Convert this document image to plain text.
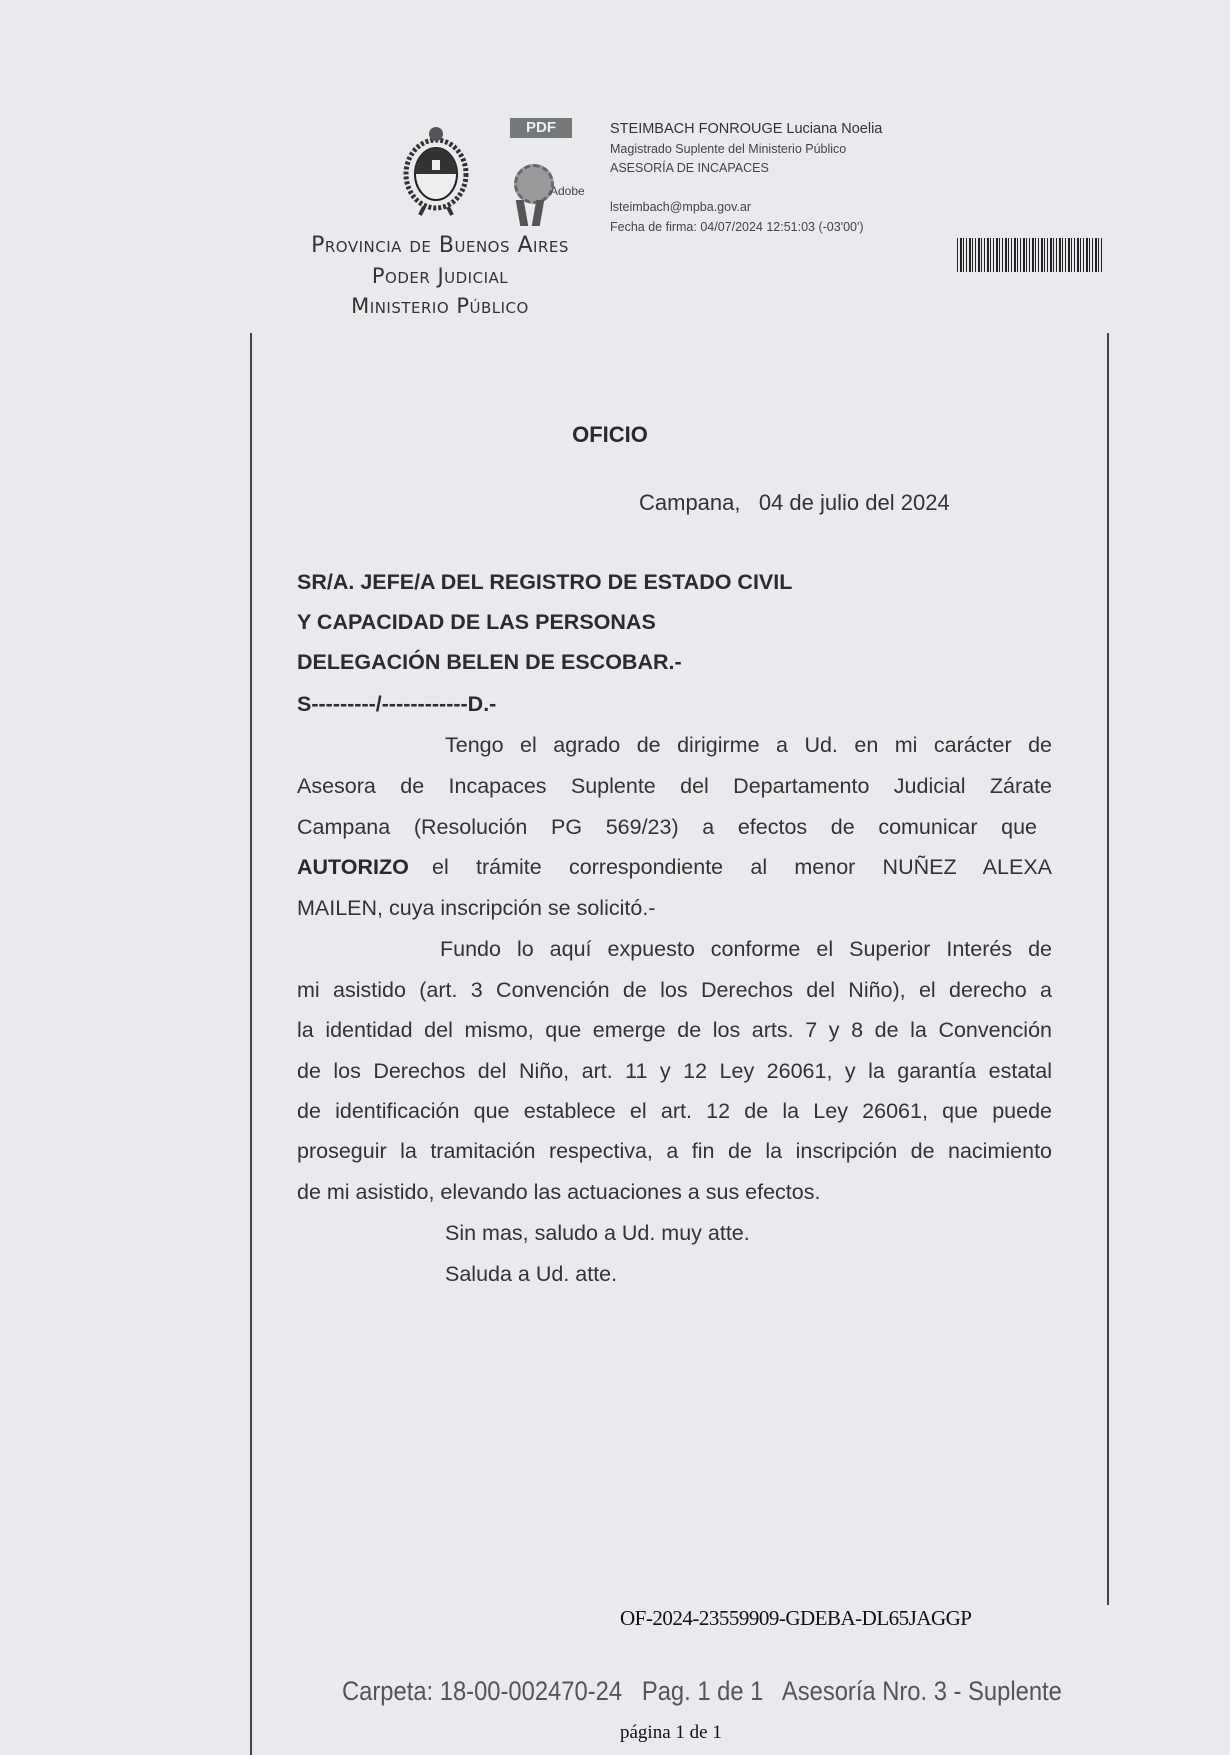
PDF
Adobe
STEIMBACH FONROUGE Luciana Noelia
Magistrado Suplente del Ministerio Público
ASESORÍA DE INCAPACES
lsteimbach@mpba.gov.ar
Fecha de firma: 04/07/2024 12:51:03 (-03'00')
Provincia de Buenos Aires
Poder Judicial
Ministerio Público
OFICIO
Campana,   04 de julio del 2024
SR/A. JEFE/A DEL REGISTRO DE ESTADO CIVIL
Y CAPACIDAD DE LAS PERSONAS
DELEGACIÓN BELEN DE ESCOBAR.-
S---------/------------D.-
Tengo el agrado de dirigirme a Ud. en mi carácter de
Asesora de Incapaces Suplente del Departamento Judicial Zárate
Campana (Resolución PG 569/23) a efectos de comunicar que
AUTORIZO el trámite correspondiente al menor NUÑEZ ALEXA
MAILEN, cuya inscripción se solicitó.-
Fundo lo aquí expuesto conforme el Superior Interés de
mi asistido (art. 3 Convención de los Derechos del Niño), el derecho a
la identidad del mismo, que emerge de los arts. 7 y 8 de la Convención
de los Derechos del Niño, art. 11 y 12 Ley 26061, y la garantía estatal
de identificación que establece el art. 12 de la Ley 26061, que puede
proseguir la tramitación respectiva, a fin de la inscripción de nacimiento
de mi asistido, elevando las actuaciones a sus efectos.
Sin mas, saludo a Ud. muy atte.
Saluda a Ud. atte.
OF-2024-23559909-GDEBA-DL65JAGGP
Carpeta: 18-00-002470-24   Pag. 1 de 1   Asesoría Nro. 3 - Suplente
página 1 de 1
